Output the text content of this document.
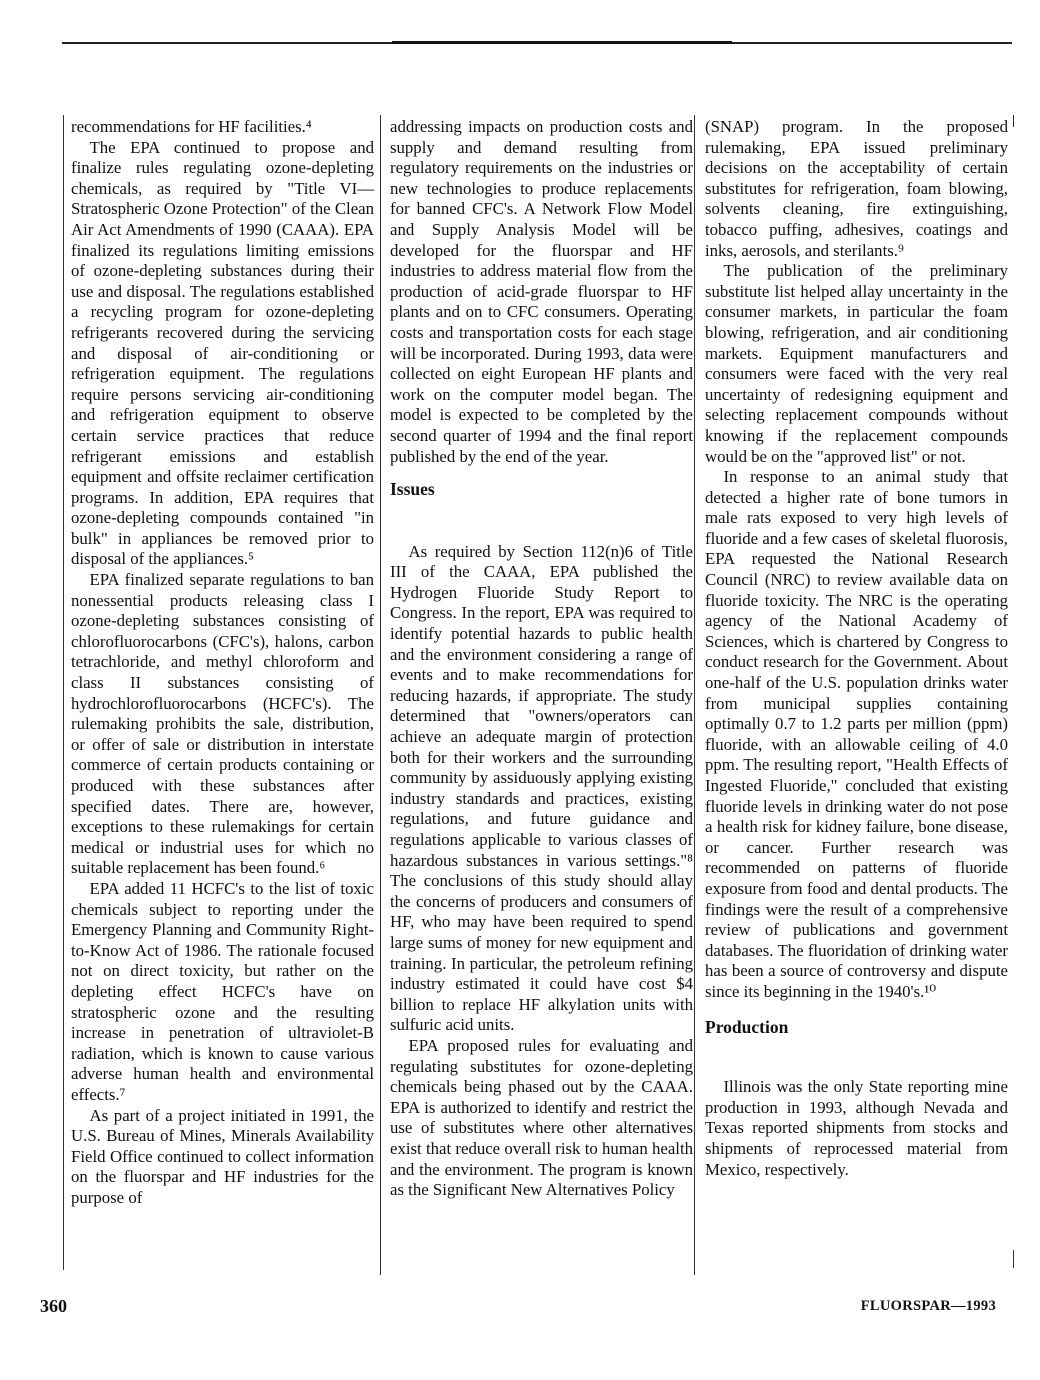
recommendations for HF facilities.⁴

The EPA continued to propose and finalize rules regulating ozone-depleting chemicals, as required by "Title VI—Stratospheric Ozone Protection" of the Clean Air Act Amendments of 1990 (CAAA). EPA finalized its regulations limiting emissions of ozone-depleting substances during their use and disposal. The regulations established a recycling program for ozone-depleting refrigerants recovered during the servicing and disposal of air-conditioning or refrigeration equipment. The regulations require persons servicing air-conditioning and refrigeration equipment to observe certain service practices that reduce refrigerant emissions and establish equipment and offsite reclaimer certification programs. In addition, EPA requires that ozone-depleting compounds contained "in bulk" in appliances be removed prior to disposal of the appliances.⁵

EPA finalized separate regulations to ban nonessential products releasing class I ozone-depleting substances consisting of chlorofluorocarbons (CFC's), halons, carbon tetrachloride, and methyl chloroform and class II substances consisting of hydrochlorofluorocarbons (HCFC's). The rulemaking prohibits the sale, distribution, or offer of sale or distribution in interstate commerce of certain products containing or produced with these substances after specified dates. There are, however, exceptions to these rulemakings for certain medical or industrial uses for which no suitable replacement has been found.⁶

EPA added 11 HCFC's to the list of toxic chemicals subject to reporting under the Emergency Planning and Community Right-to-Know Act of 1986. The rationale focused not on direct toxicity, but rather on the depleting effect HCFC's have on stratospheric ozone and the resulting increase in penetration of ultraviolet-B radiation, which is known to cause various adverse human health and environmental effects.⁷

As part of a project initiated in 1991, the U.S. Bureau of Mines, Minerals Availability Field Office continued to collect information on the fluorspar and HF industries for the purpose of

addressing impacts on production costs and supply and demand resulting from regulatory requirements on the industries or new technologies to produce replacements for banned CFC's. A Network Flow Model and Supply Analysis Model will be developed for the fluorspar and HF industries to address material flow from the production of acid-grade fluorspar to HF plants and on to CFC consumers. Operating costs and transportation costs for each stage will be incorporated. During 1993, data were collected on eight European HF plants and work on the computer model began. The model is expected to be completed by the second quarter of 1994 and the final report published by the end of the year.

Issues

As required by Section 112(n)6 of Title III of the CAAA, EPA published the Hydrogen Fluoride Study Report to Congress. In the report, EPA was required to identify potential hazards to public health and the environment considering a range of events and to make recommendations for reducing hazards, if appropriate. The study determined that "owners/operators can achieve an adequate margin of protection both for their workers and the surrounding community by assiduously applying existing industry standards and practices, existing regulations, and future guidance and regulations applicable to various classes of hazardous substances in various settings."⁸ The conclusions of this study should allay the concerns of producers and consumers of HF, who may have been required to spend large sums of money for new equipment and training. In particular, the petroleum refining industry estimated it could have cost $4 billion to replace HF alkylation units with sulfuric acid units.

EPA proposed rules for evaluating and regulating substitutes for ozone-depleting chemicals being phased out by the CAAA. EPA is authorized to identify and restrict the use of substitutes where other alternatives exist that reduce overall risk to human health and the environment. The program is known as the Significant New Alternatives Policy

(SNAP) program. In the proposed rulemaking, EPA issued preliminary decisions on the acceptability of certain substitutes for refrigeration, foam blowing, solvents cleaning, fire extinguishing, tobacco puffing, adhesives, coatings and inks, aerosols, and sterilants.⁹

The publication of the preliminary substitute list helped allay uncertainty in the consumer markets, in particular the foam blowing, refrigeration, and air conditioning markets. Equipment manufacturers and consumers were faced with the very real uncertainty of redesigning equipment and selecting replacement compounds without knowing if the replacement compounds would be on the "approved list" or not.

In response to an animal study that detected a higher rate of bone tumors in male rats exposed to very high levels of fluoride and a few cases of skeletal fluorosis, EPA requested the National Research Council (NRC) to review available data on fluoride toxicity. The NRC is the operating agency of the National Academy of Sciences, which is chartered by Congress to conduct research for the Government. About one-half of the U.S. population drinks water from municipal supplies containing optimally 0.7 to 1.2 parts per million (ppm) fluoride, with an allowable ceiling of 4.0 ppm. The resulting report, "Health Effects of Ingested Fluoride," concluded that existing fluoride levels in drinking water do not pose a health risk for kidney failure, bone disease, or cancer. Further research was recommended on patterns of fluoride exposure from food and dental products. The findings were the result of a comprehensive review of publications and government databases. The fluoridation of drinking water has been a source of controversy and dispute since its beginning in the 1940's.¹⁰

Production

Illinois was the only State reporting mine production in 1993, although Nevada and Texas reported shipments from stocks and shipments of reprocessed material from Mexico, respectively.

360	FLUORSPAR—1993
